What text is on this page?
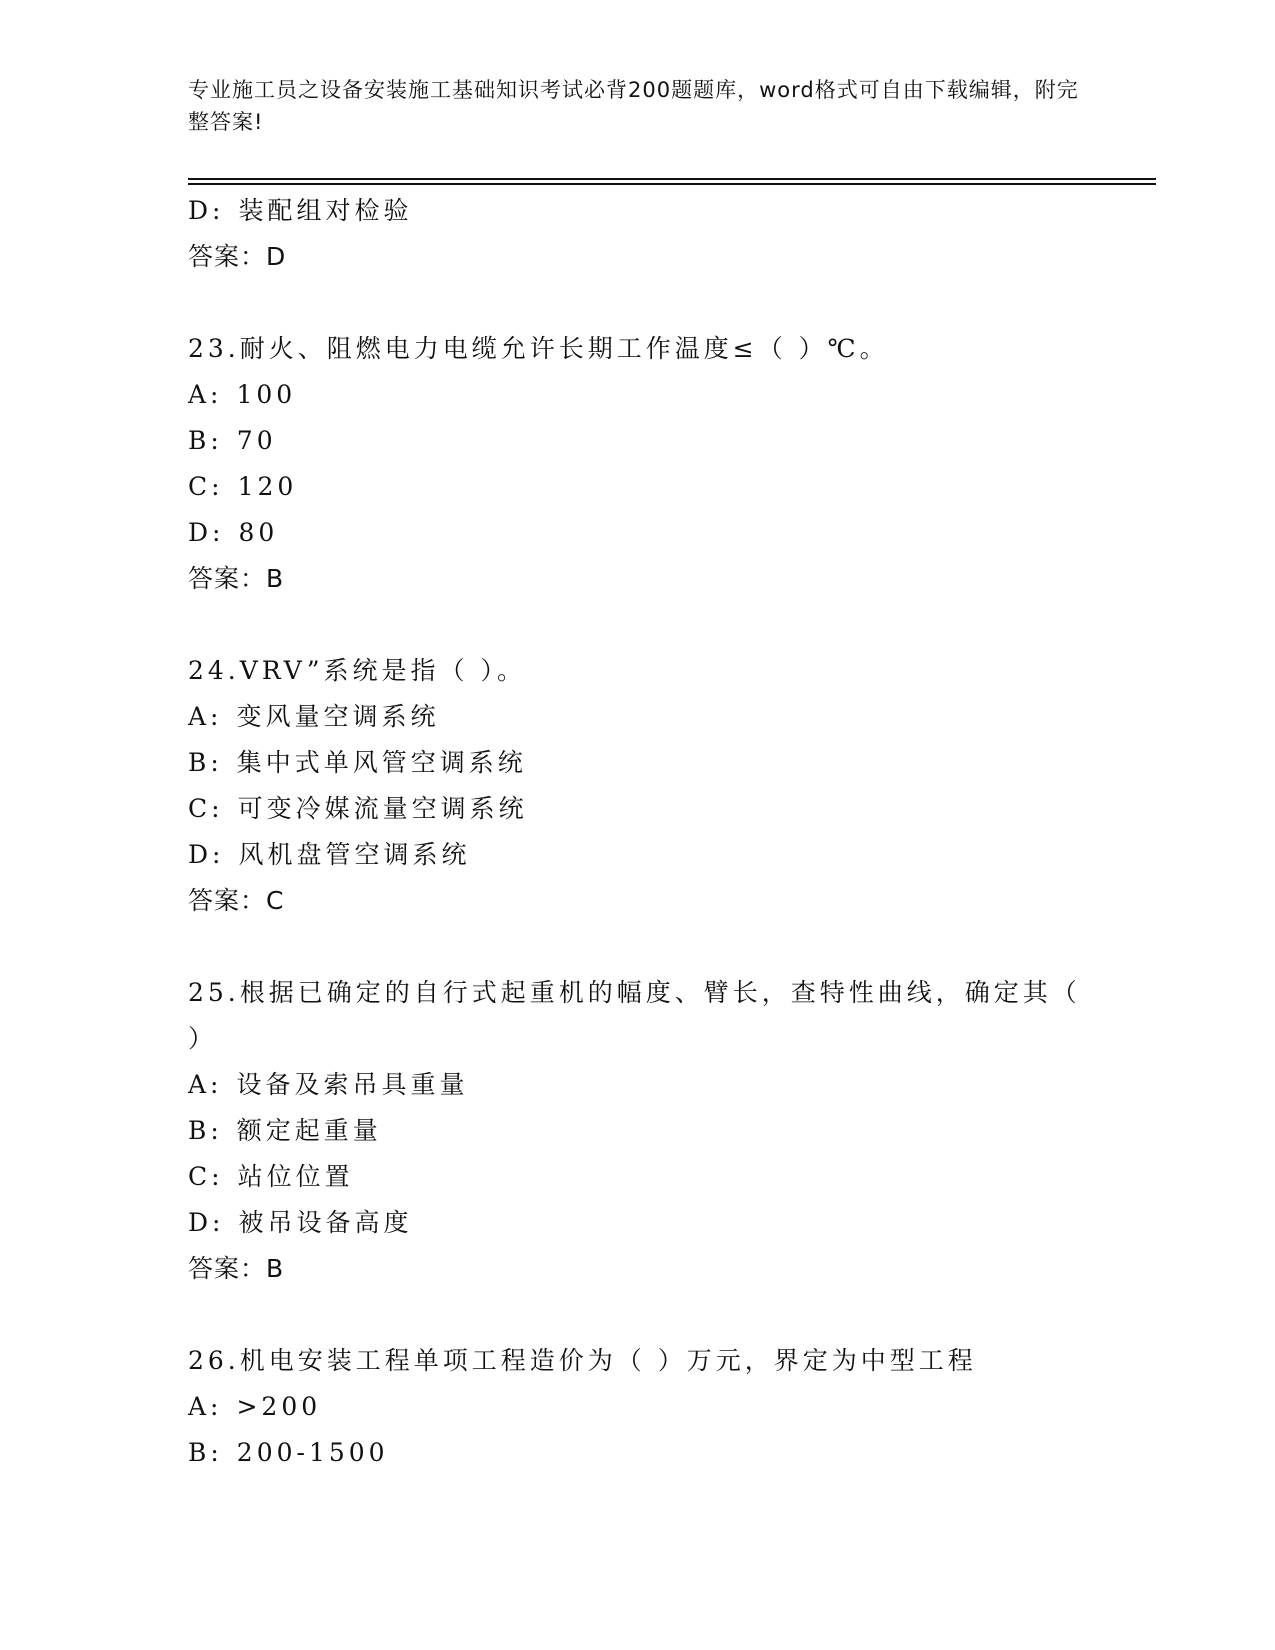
专业施工员之设备安装施工基础知识考试必背200题题库，word格式可自由下载编辑，附完整答案!
D: 装配组对检验
答案：D
23.耐火、阻燃电力电缆允许长期工作温度≤（ ）℃。
A: 100
B: 70
C: 120
D: 80
答案：B
24.VRV”系统是指（ ）。
A: 变风量空调系统
B: 集中式单风管空调系统
C: 可变冷媒流量空调系统
D: 风机盘管空调系统
答案：C
25.根据已确定的自行式起重机的幅度、臂长，查特性曲线，确定其（ ）
A: 设备及索吊具重量
B: 额定起重量
C: 站位位置
D: 被吊设备高度
答案：B
26.机电安装工程单项工程造价为（ ）万元，界定为中型工程
A: >200
B: 200-1500
